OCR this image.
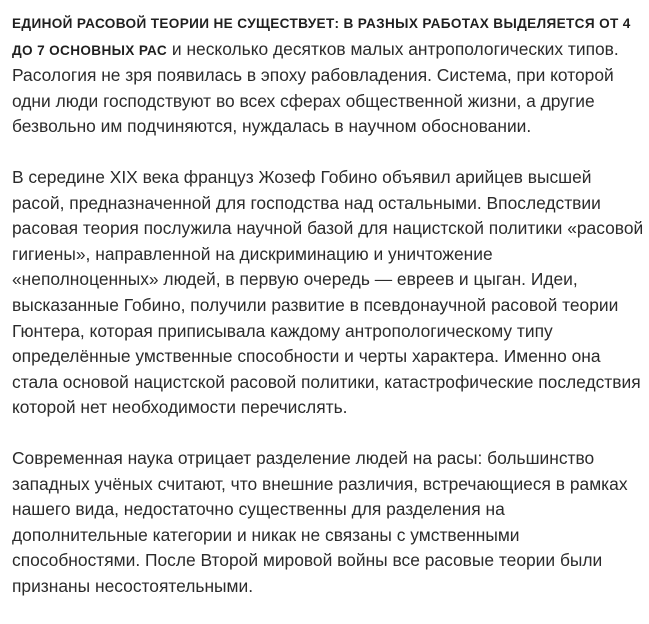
ЕДИНОЙ РАСОВОЙ ТЕОРИИ НЕ СУЩЕСТВУЕТ: В РАЗНЫХ РАБОТАХ ВЫДЕЛЯЕТСЯ ОТ 4 ДО 7 ОСНОВНЫХ РАС и несколько десятков малых антропологических типов. Расология не зря появилась в эпоху рабовладения. Система, при которой одни люди господствуют во всех сферах общественной жизни, а другие безвольно им подчиняются, нуждалась в научном обосновании.

В середине XIX века француз Жозеф Гобино объявил арийцев высшей расой, предназначенной для господства над остальными. Впоследствии расовая теория послужила научной базой для нацистской политики «расовой гигиены», направленной на дискриминацию и уничтожение «неполноценных» людей, в первую очередь — евреев и цыган. Идеи, высказанные Гобино, получили развитие в псевдонаучной расовой теории Гюнтера, которая приписывала каждому антропологическому типу определённые умственные способности и черты характера. Именно она стала основой нацистской расовой политики, катастрофические последствия которой нет необходимости перечислять.

Современная наука отрицает разделение людей на расы: большинство западных учёных считают, что внешние различия, встречающиеся в рамках нашего вида, недостаточно существенны для разделения на дополнительные категории и никак не связаны с умственными способностями. После Второй мировой войны все расовые теории были признаны несостоятельными.
